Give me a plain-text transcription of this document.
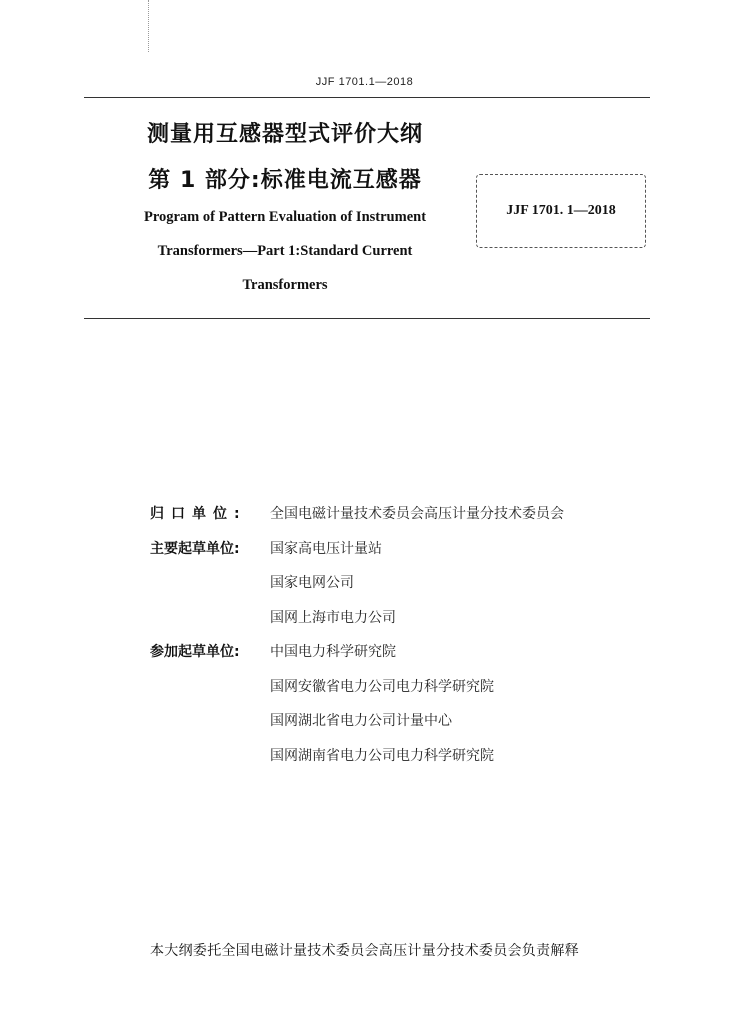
JJF 1701.1—2018
测量用互感器型式评价大纲
第 1 部分:标准电流互感器
Program of Pattern Evaluation of Instrument
Transformers—Part 1:Standard Current
Transformers
JJF 1701. 1—2018
归口单位:	全国电磁计量技术委员会高压计量分技术委员会
主要起草单位:	国家高电压计量站
国家电网公司
国网上海市电力公司
参加起草单位:	中国电力科学研究院
国网安徽省电力公司电力科学研究院
国网湖北省电力公司计量中心
国网湖南省电力公司电力科学研究院
本大纲委托全国电磁计量技术委员会高压计量分技术委员会负责解释
